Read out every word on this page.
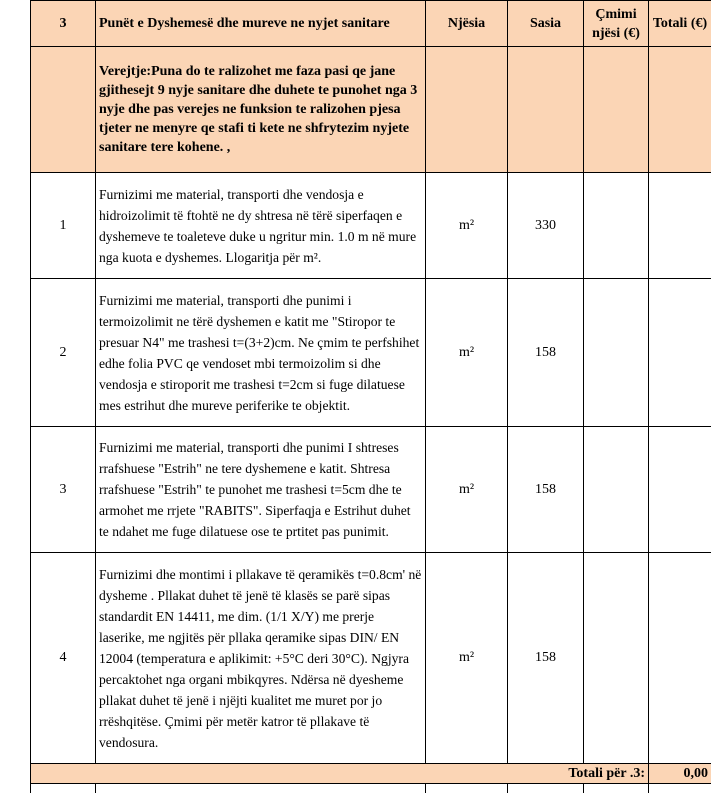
3	Punët e Dyshemesë dhe mureve ne nyjet sanitare	Njësia	Sasia	Çmimi njësi (€)	Totali (€)
	Verejtje:Puna do te ralizohet me faza pasi qe jane gjithesejt 9 nyje sanitare dhe duhete te punohet nga 3 nyje dhe pas verejes ne funksion te ralizohen pjesa tjeter ne menyre qe stafi ti kete ne shfrytezim nyjete sanitare tere kohene. ,				
1	Furnizimi me material, transporti dhe vendosja e hidroizolimit të ftohtë ne dy shtresa në tërë siperfaqen e dyshemeve te toaleteve duke u ngritur min. 1.0 m në mure nga kuota e dyshemes. Llogaritja për m².	m²	330		
2	Furnizimi me material, transporti dhe punimi i termoizolimit ne tërë dyshemen e katit me "Stiropor te presuar N4" me trashesi t=(3+2)cm. Ne çmim te perfshihet edhe folia PVC qe vendoset mbi termoizolim si dhe vendosja e stiroporit me trashesi t=2cm si fuge dilatuese mes estrihut dhe mureve periferike te objektit.	m²	158		
3	Furnizimi me material, transporti dhe punimi I shtreses rrafshuese "Estrih" ne tere dyshemene e katit. Shtresa rrafshuese "Estrih" te punohet me trashesi t=5cm dhe te armohet me rrjete "RABITS". Siperfaqja e Estrihut duhet te ndahet me fuge dilatuese ose te prtitet pas punimit.	m²	158		
4	Furnizimi dhe montimi i pllakave të qeramikës t=0.8cm' në dysheme . Pllakat duhet të jenë të klasës se parë sipas standardit EN 14411, me dim. (1/1 X/Y) me prerje laserike, me ngjitës për pllaka qeramike sipas DIN/ EN 12004 (temperatura e aplikimit: +5°C deri 30°C). Ngjyra percaktohet nga organi mbikqyres. Ndërsa në dyesheme pllakat duhet të jenë i njëjti kualitet me muret por jo rrëshqitëse. Çmimi për metër katror të pllakave të vendosura.	m²	158		
Totali për .3:					0,00
